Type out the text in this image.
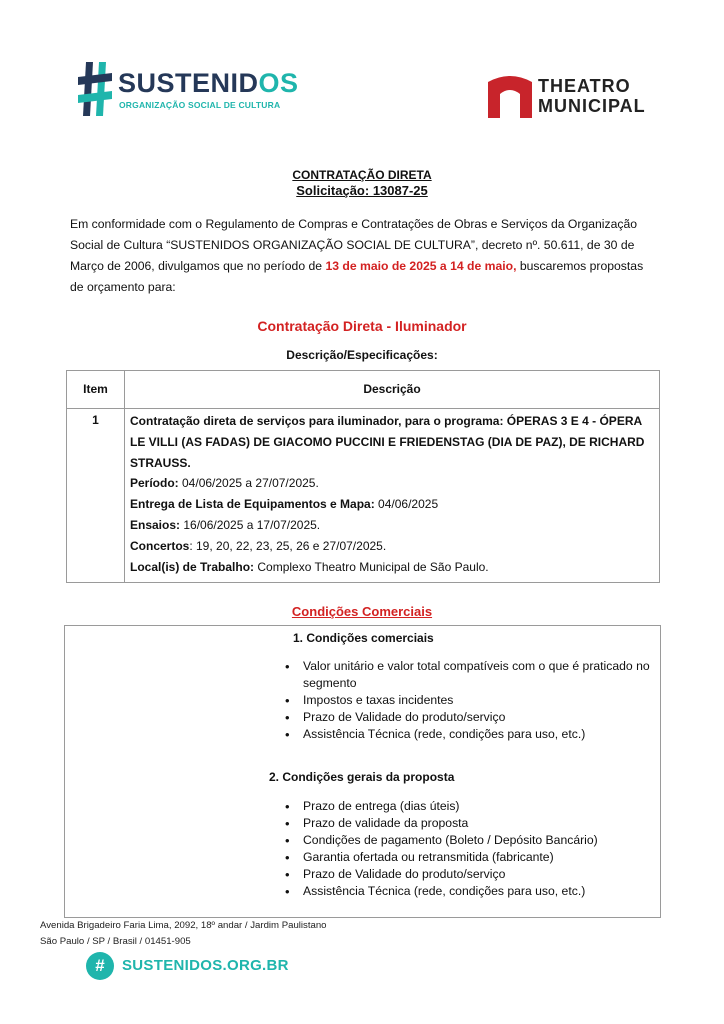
SUSTENIDOS
ORGANIZAÇÃO SOCIAL DE CULTURA
THEATRO
MUNICIPAL
CONTRATAÇÃO DIRETA
Solicitação: 13087-25
Em conformidade com o Regulamento de Compras e Contratações de Obras e Serviços da Organização Social de Cultura “SUSTENIDOS ORGANIZAÇÃO SOCIAL DE CULTURA”, decreto nº. 50.611, de 30 de Março de 2006, divulgamos que no período de 13 de maio de 2025 a 14 de maio, buscaremos propostas de orçamento para:
Contratação Direta - Iluminador
Descrição/Especificações:
Item	Descrição
1	Contratação direta de serviços para iluminador, para o programa: ÓPERAS 3 E 4 - ÓPERA LE VILLI (AS FADAS) DE GIACOMO PUCCINI E FRIEDENSTAG (DIA DE PAZ), DE RICHARD STRAUSS.
Período: 04/06/2025 a 27/07/2025.
Entrega de Lista de Equipamentos e Mapa: 04/06/2025
Ensaios: 16/06/2025 a 17/07/2025.
Concertos: 19, 20, 22, 23, 25, 26 e 27/07/2025.
Local(is) de Trabalho: Complexo Theatro Municipal de São Paulo.
Condições Comerciais
1. Condições comerciais
• Valor unitário e valor total compatíveis com o que é praticado no segmento
• Impostos e taxas incidentes
• Prazo de Validade do produto/serviço
• Assistência Técnica (rede, condições para uso, etc.)
2. Condições gerais da proposta
• Prazo de entrega (dias úteis)
• Prazo de validade da proposta
• Condições de pagamento (Boleto / Depósito Bancário)
• Garantia ofertada ou retransmitida (fabricante)
• Prazo de Validade do produto/serviço
• Assistência Técnica (rede, condições para uso, etc.)
Avenida Brigadeiro Faria Lima, 2092, 18º andar / Jardim Paulistano
São Paulo / SP / Brasil / 01451-905
#	SUSTENIDOS.ORG.BR
